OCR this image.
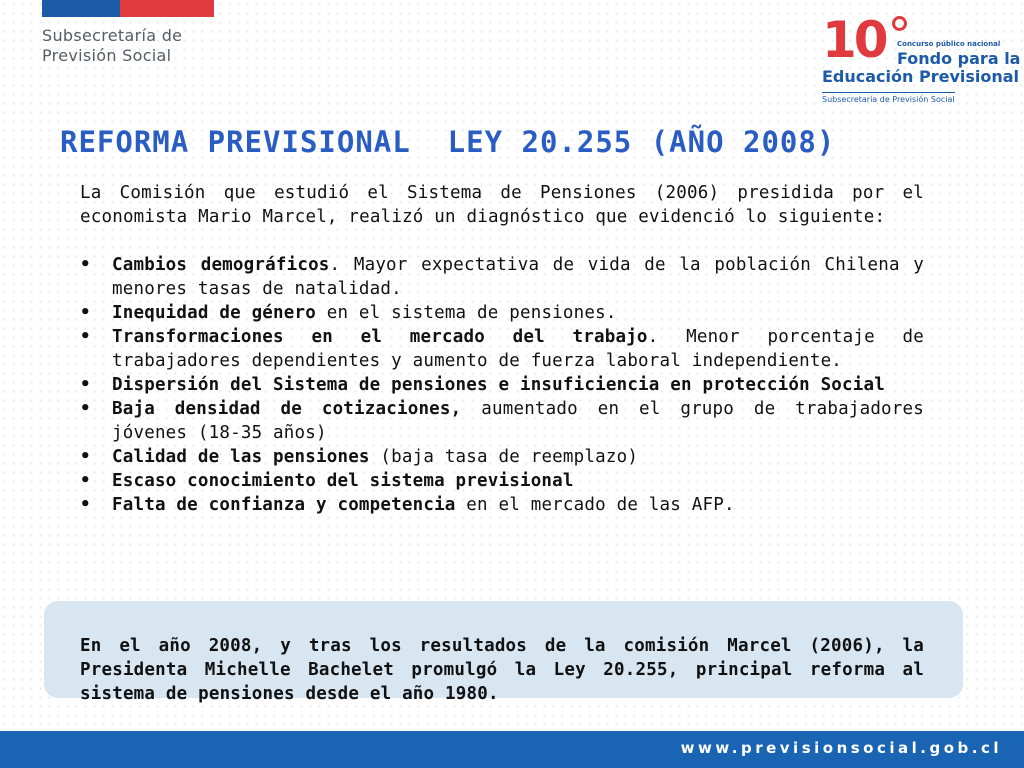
Subsecretaría de
Previsión Social	10 Concurso público nacional
Fondo para la
Educación Previsional
Subsecretaría de Previsión Social
REFORMA PREVISIONAL  LEY 20.255 (AÑO 2008)

La Comisión que estudió el Sistema de Pensiones (2006) presidida por el economista Mario Marcel, realizó un diagnóstico que evidenció lo siguiente:

• Cambios demográficos. Mayor expectativa de vida de la población Chilena y menores tasas de natalidad.
• Inequidad de género en el sistema de pensiones.
• Transformaciones en el mercado del trabajo. Menor porcentaje de trabajadores dependientes y aumento de fuerza laboral independiente.
• Dispersión del Sistema de pensiones e insuficiencia en protección Social
• Baja densidad de cotizaciones, aumentado en el grupo de trabajadores jóvenes (18-35 años)
• Calidad de las pensiones (baja tasa de reemplazo)
• Escaso conocimiento del sistema previsional
• Falta de confianza y competencia en el mercado de las AFP.
En el año 2008, y tras los resultados de la comisión Marcel (2006), la Presidenta Michelle Bachelet promulgó la Ley 20.255, principal reforma al sistema de pensiones desde el año 1980.
www.previsionsocial.gob.cl
